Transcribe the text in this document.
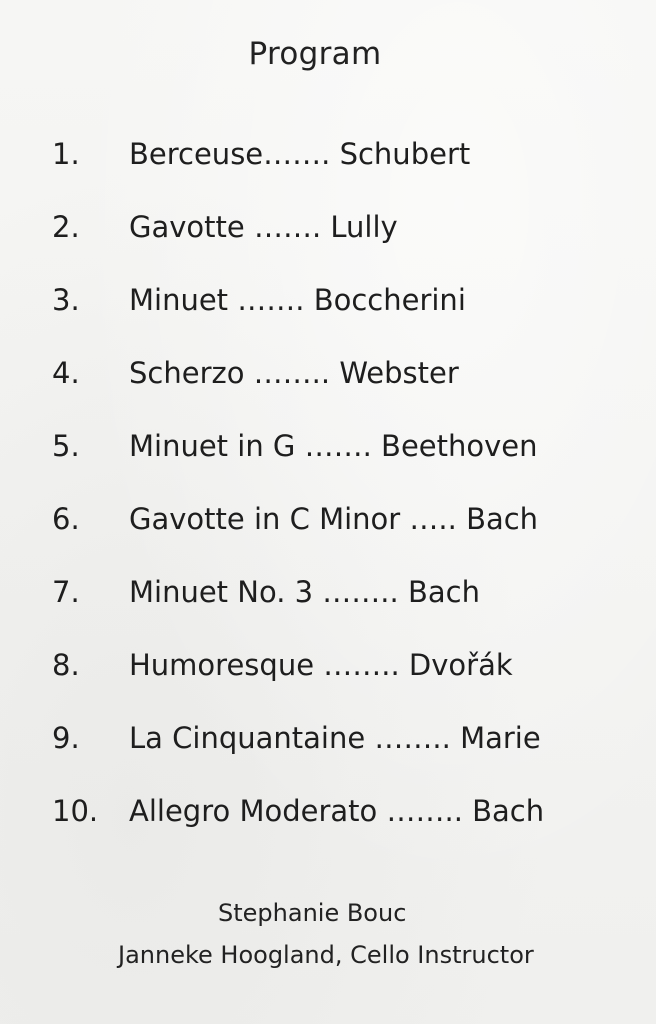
Program
1. Berceuse……. Schubert
2. Gavotte ……. Lully
3. Minuet ……. Boccherini
4. Scherzo …….. Webster
5. Minuet in G ……. Beethoven
6. Gavotte in C Minor ….. Bach
7. Minuet No. 3 …….. Bach
8. Humoresque …….. Dvořák
9. La Cinquantaine …….. Marie
10. Allegro Moderato …….. Bach
Stephanie Bouc
Janneke Hoogland, Cello Instructor
